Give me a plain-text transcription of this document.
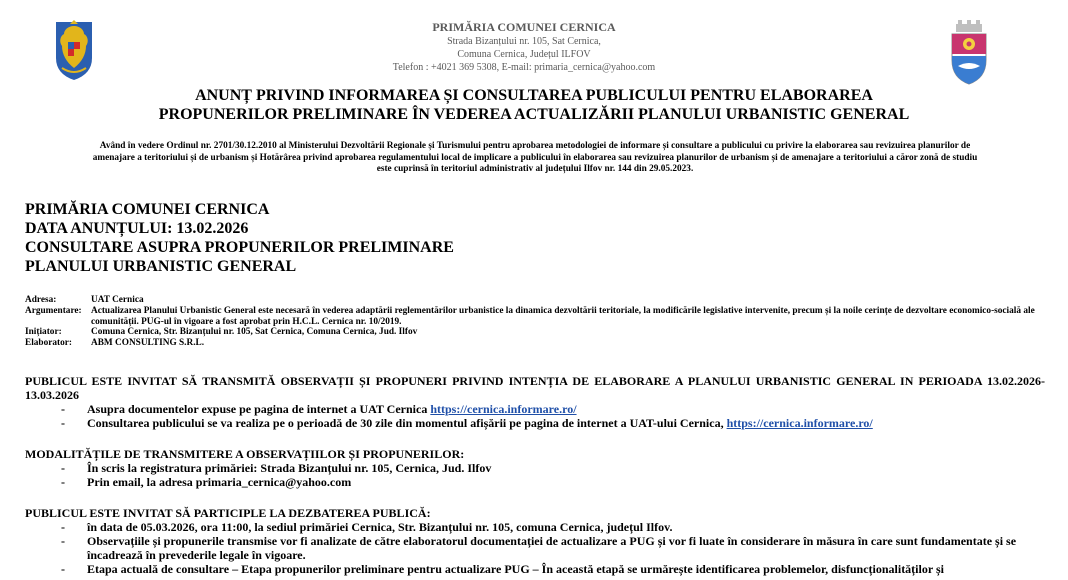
PRIMĂRIA COMUNEI CERNICA
Strada Bizanțului nr. 105, Sat Cernica,
Comuna Cernica, Județul ILFOV
Telefon : +4021 369 5308, E-mail: primaria_cernica@yahoo.com
ANUNȚ PRIVIND INFORMAREA ȘI CONSULTAREA PUBLICULUI PENTRU ELABORAREA
PROPUNERILOR PRELIMINARE ÎN VEDEREA ACTUALIZĂRII PLANULUI URBANISTIC GENERAL
Având în vedere Ordinul nr. 2701/30.12.2010 al Ministerului Dezvoltării Regionale și Turismului pentru aprobarea metodologiei de informare și consultare a publicului cu privire la elaborarea sau revizuirea planurilor de amenajare a teritoriului și de urbanism și Hotărârea privind aprobarea regulamentului local de implicare a publicului în elaborarea sau revizuirea planurilor de urbanism și de amenajare a teritoriului a căror zonă de studiu este cuprinsă în teritoriul administrativ al județului Ilfov nr. 144 din 29.05.2023.
PRIMĂRIA COMUNEI CERNICA
DATA ANUNȚULUI: 13.02.2026
CONSULTARE ASUPRA PROPUNERILOR PRELIMINARE
PLANULUI URBANISTIC GENERAL
Adresa:	UAT Cernica
Argumentare:	Actualizarea Planului Urbanistic General este necesară în vederea adaptării reglementărilor urbanistice la dinamica dezvoltării teritoriale, la modificările legislative intervenite, precum și la noile cerințe de dezvoltare economico-socială ale comunității. PUG-ul în vigoare a fost aprobat prin H.C.L. Cernica nr. 10/2019.
Inițiator:	Comuna Cernica, Str. Bizanțului nr. 105, Sat Cernica, Comuna Cernica, Jud. Ilfov
Elaborator:	ABM CONSULTING S.R.L.
PUBLICUL ESTE INVITAT SĂ TRANSMITĂ OBSERVAȚII ȘI PROPUNERI PRIVIND INTENȚIA DE ELABORARE A PLANULUI URBANISTIC GENERAL IN PERIOADA 13.02.2026-13.03.2026
-	Asupra documentelor expuse pe pagina de internet a UAT Cernica https://cernica.informare.ro/
-	Consultarea publicului se va realiza pe o perioadă de 30 zile din momentul afișării pe pagina de internet a UAT-ului Cernica, https://cernica.informare.ro/
MODALITĂȚILE DE TRANSMITERE A OBSERVAȚIILOR ȘI PROPUNERILOR:
-	În scris la registratura primăriei: Strada Bizanțului nr. 105, Cernica, Jud. Ilfov
-	Prin email, la adresa primaria_cernica@yahoo.com
PUBLICUL ESTE INVITAT SĂ PARTICIPLE LA DEZBATEREA PUBLICĂ:
-	în data de 05.03.2026, ora 11:00, la sediul primăriei Cernica, Str. Bizanțului nr. 105, comuna Cernica, județul Ilfov.
-	Observațiile și propunerile transmise vor fi analizate de către elaboratorul documentației de actualizare a PUG și vor fi luate în considerare în măsura în care sunt fundamentate și se încadrează în prevederile legale în vigoare.
-	Etapa actuală de consultare – Etapa propunerilor preliminare pentru actualizare PUG – În această etapă se urmărește identificarea problemelor, disfuncționalităților și
